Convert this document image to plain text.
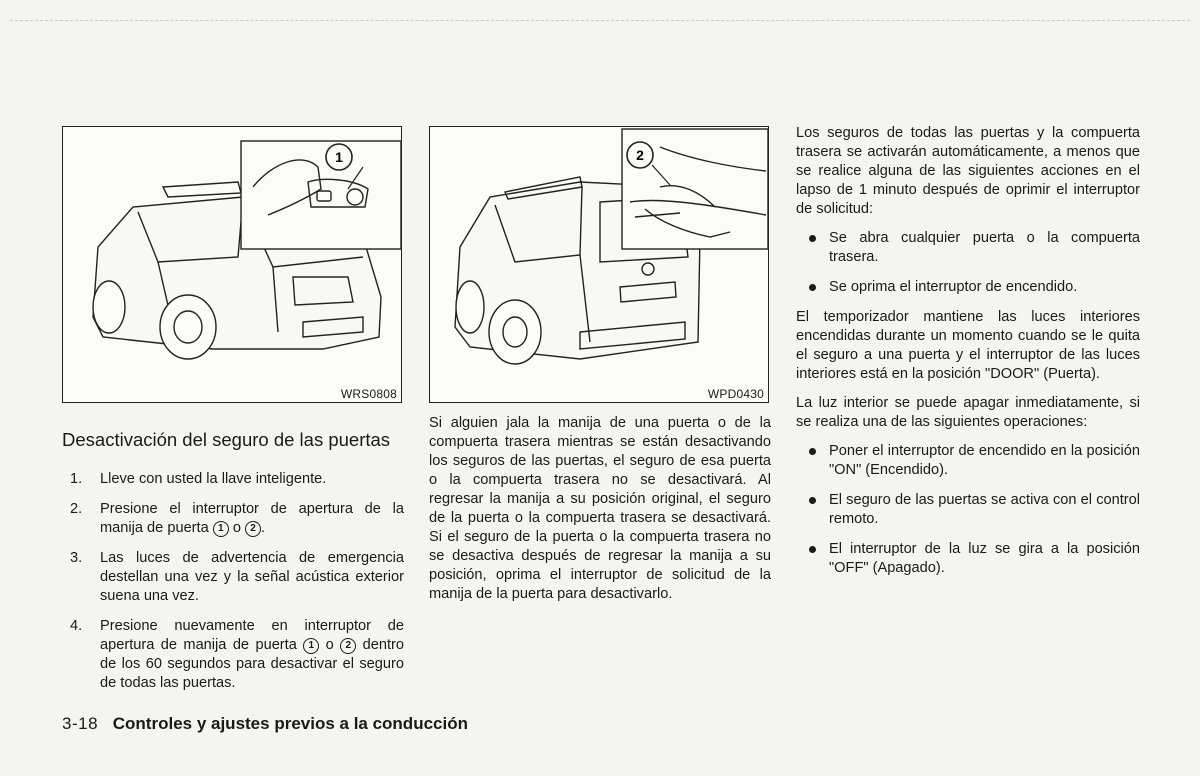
1
WRS0808
2
WPD0430
Desactivación del seguro de las puertas
1. Lleve con usted la llave inteligente.
2. Presione el interruptor de apertura de la manija de puerta 1 o 2 .
3. Las luces de advertencia de emergencia destellan una vez y la señal acústica exterior suena una vez.
4. Presione nuevamente en interruptor de apertura de manija de puerta 1 o 2 dentro de los 60 segundos para desactivar el seguro de todas las puertas.

Si alguien jala la manija de una puerta o de la compuerta trasera mientras se están desactivando los seguros de las puertas, el seguro de esa puerta o la compuerta trasera no se desactivará. Al regresar la manija a su posición original, el seguro de la puerta o la compuerta trasera se desactivará. Si el seguro de la puerta o la compuerta trasera no se desactiva después de regresar la manija a su posición, oprima el interruptor de solicitud de la manija de la puerta para desactivarlo.

Los seguros de todas las puertas y la compuerta trasera se activarán automáticamente, a menos que se realice alguna de las siguientes acciones en el lapso de 1 minuto después de oprimir el interruptor de solicitud:

Se abra cualquier puerta o la compuerta trasera.
Se oprima el interruptor de encendido.

El temporizador mantiene las luces interiores encendidas durante un momento cuando se le quita el seguro a una puerta y el interruptor de las luces interiores está en la posición "DOOR" (Puerta).

La luz interior se puede apagar inmediatamente, si se realiza una de las siguientes operaciones:

Poner el interruptor de encendido en la posición "ON" (Encendido).
El seguro de las puertas se activa con el control remoto.
El interruptor de la luz se gira a la posición "OFF" (Apagado).
3-18 Controles y ajustes previos a la conducción
